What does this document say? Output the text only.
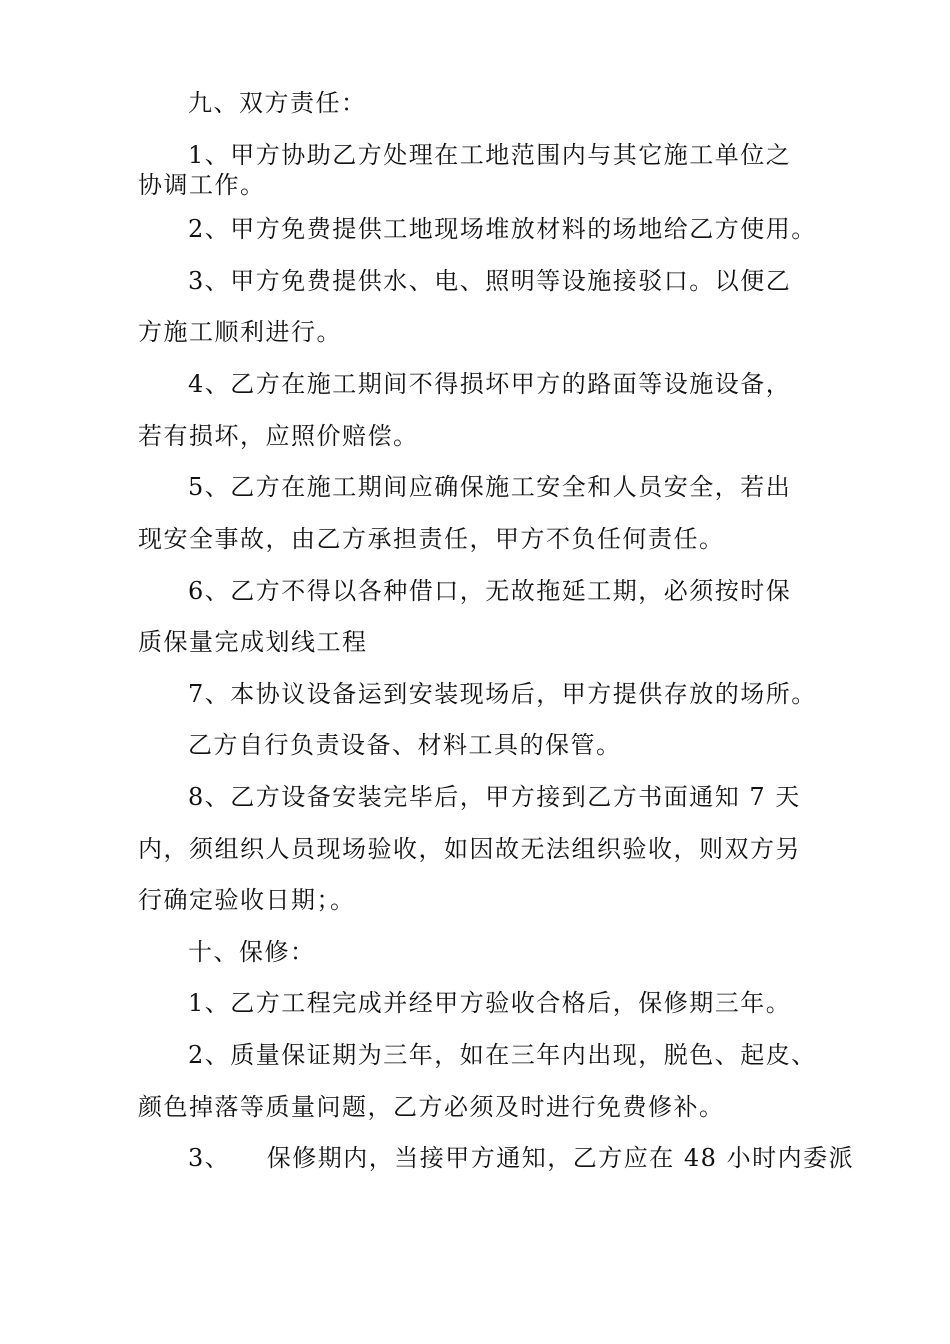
九、双方责任：
1、甲方协助乙方处理在工地范围内与其它施工单位之
协调工作。
2、甲方免费提供工地现场堆放材料的场地给乙方使用。
3、甲方免费提供水、电、照明等设施接驳口。以便乙
方施工顺利进行。
4、乙方在施工期间不得损坏甲方的路面等设施设备，
若有损坏，应照价赔偿。
5、乙方在施工期间应确保施工安全和人员安全，若出
现安全事故，由乙方承担责任，甲方不负任何责任。
6、乙方不得以各种借口，无故拖延工期，必须按时保
质保量完成划线工程
7、本协议设备运到安装现场后，甲方提供存放的场所。
乙方自行负责设备、材料工具的保管。
8、乙方设备安装完毕后，甲方接到乙方书面通知 7 天
内，须组织人员现场验收，如因故无法组织验收，则双方另
行确定验收日期；。
十、保修：
1、乙方工程完成并经甲方验收合格后，保修期三年。
2、质量保证期为三年，如在三年内出现，脱色、起皮、
颜色掉落等质量问题，乙方必须及时进行免费修补。
3、    保修期内，当接甲方通知，乙方应在 48 小时内委派
